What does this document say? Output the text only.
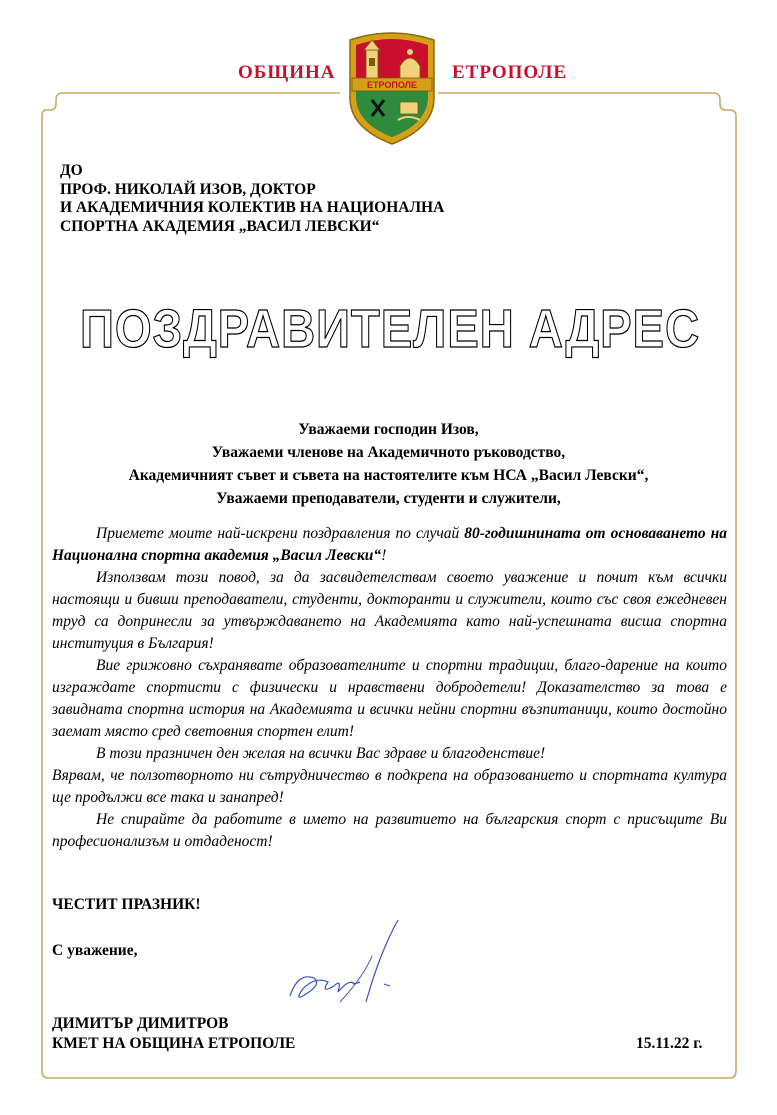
ОБЩИНА	ЕТРОПОЛЕ
ЕТРОПОЛЕ
ДО
ПРОФ. НИКОЛАЙ ИЗОВ, ДОКТОР
И АКАДЕМИЧНИЯ КОЛЕКТИВ НА НАЦИОНАЛНА
СПОРТНА АКАДЕМИЯ „ВАСИЛ ЛЕВСКИ“
ПОЗДРАВИТЕЛЕН АДРЕС
Уважаеми господин Изов,
Уважаеми членове на Академичното ръководство,
Академичният съвет и съвета на настоятелите към НСА „Васил Левски“,
Уважаеми преподаватели, студенти и служители,

Приемете моите най-искрени поздравления по случай 80-годишнината от основаването на Национална спортна академия „Васил Левски“!

Използвам този повод, за да засвидетелствам своето уважение и почит към всички настоящи и бивши преподаватели, студенти, докторанти и служители, които със своя ежедневен труд са допринесли за утвърждаването на Академията като най-успешната висша спортна институция в България!

Вие грижовно съхранявате образователните и спортни традиции, благо-дарение на които изграждате спортисти с физически и нравствени добродетели! Доказателство за това е завидната спортна история на Академията и всички нейни спортни възпитаници, които достойно заемат място сред световния спортен елит!

В този празничен ден желая на всички Вас здраве и благоденствие!

Вярвам, че ползотворното ни сътрудничество в подкрепа на образованието и спортната култура ще продължи все така и занапред!

Не спирайте да работите в името на развитието на българския спорт с присъщите Ви професионализъм и отдаденост!

ЧЕСТИТ ПРАЗНИК!
С уважение,
ДИМИТЪР ДИМИТРОВ
КМЕТ НА ОБЩИНА ЕТРОПОЛЕ	15.11.22 г.
